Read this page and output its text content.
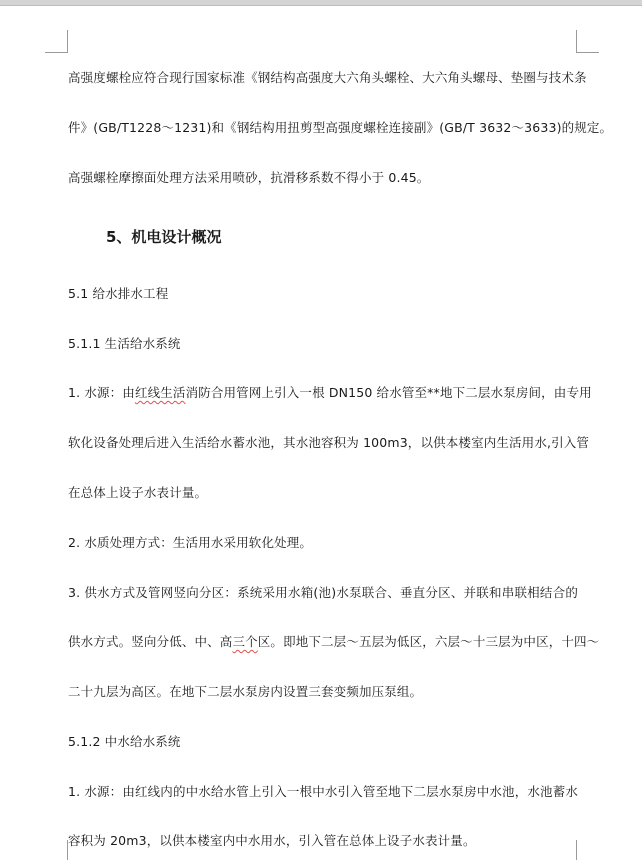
高强度螺栓应符合现行国家标准《钢结构高强度大六角头螺栓、大六角头螺母、垫圈与技术条
件》(GB/T1228～1231)和《钢结构用扭剪型高强度螺栓连接副》(GB/T 3632～3633)的规定。
高强螺栓摩擦面处理方法采用喷砂，抗滑移系数不得小于 0.45。
5、机电设计概况
5.1 给水排水工程
5.1.1 生活给水系统
1. 水源：由红线生活消防合用管网上引入一根 DN150 给水管至**地下二层水泵房间，由专用
软化设备处理后进入生活给水蓄水池，其水池容积为 100m3，以供本楼室内生活用水,引入管
在总体上设子水表计量。
2. 水质处理方式：生活用水采用软化处理。
3. 供水方式及管网竖向分区：系统采用水箱(池)水泵联合、垂直分区、并联和串联相结合的
供水方式。竖向分低、中、高三个区。即地下二层～五层为低区，六层～十三层为中区，十四～
二十九层为高区。在地下二层水泵房内设置三套变频加压泵组。
5.1.2 中水给水系统
1. 水源：由红线内的中水给水管上引入一根中水引入管至地下二层水泵房中水池，水池蓄水
容积为 20m3，以供本楼室内中水用水，引入管在总体上设子水表计量。
